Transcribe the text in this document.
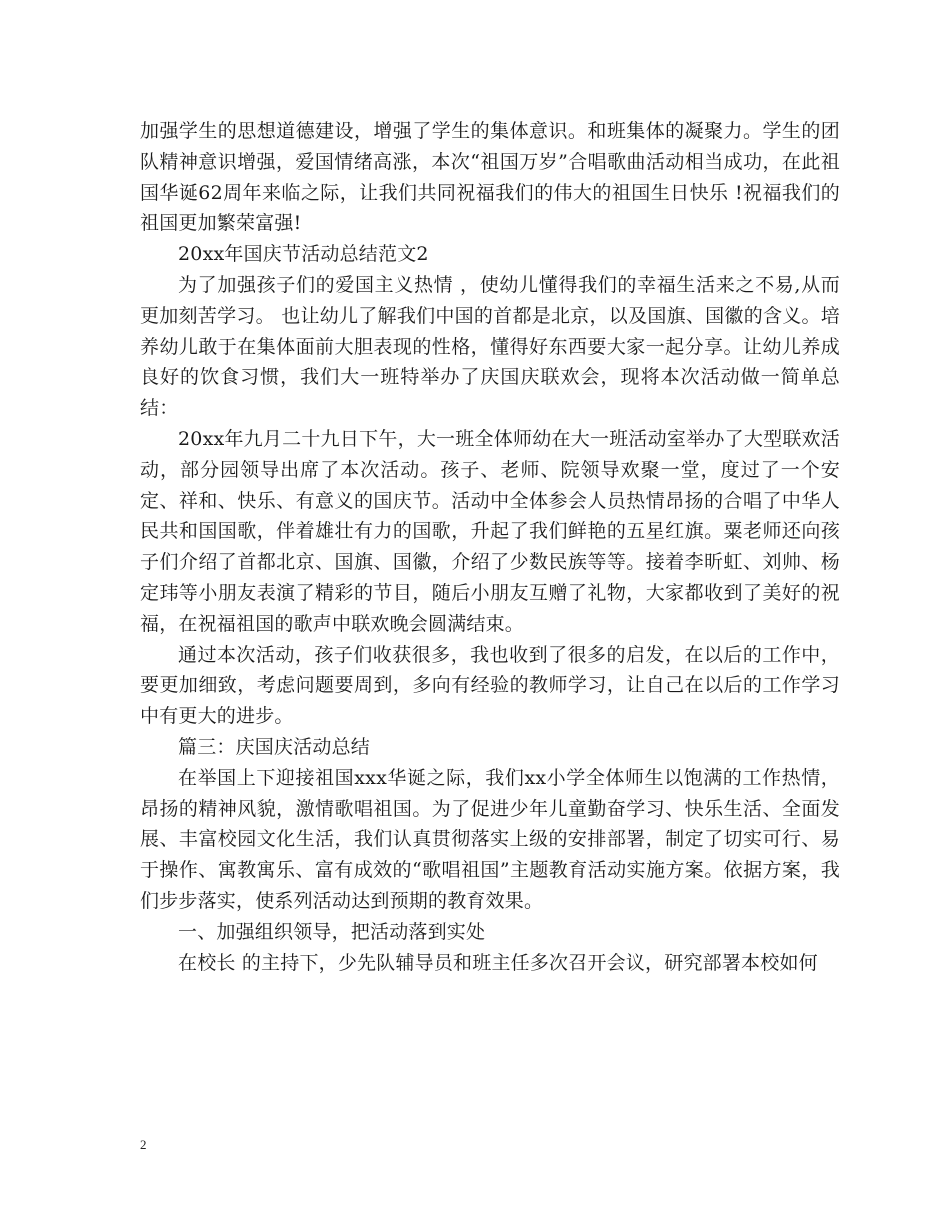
加强学生的思想道德建设，增强了学生的集体意识。和班集体的凝聚力。学生的团队精神意识增强，爱国情绪高涨，本次“祖国万岁”合唱歌曲活动相当成功，在此祖国华诞62周年来临之际，让我们共同祝福我们的伟大的祖国生日快乐 !祝福我们的祖国更加繁荣富强!

20xx年国庆节活动总结范文2

为了加强孩子们的爱国主义热情 ，使幼儿懂得我们的幸福生活来之不易,从而更加刻苦学习。 也让幼儿了解我们中国的首都是北京，以及国旗、国徽的含义。培养幼儿敢于在集体面前大胆表现的性格，懂得好东西要大家一起分享。让幼儿养成良好的饮食习惯，我们大一班特举办了庆国庆联欢会，现将本次活动做一简单总结：

20xx年九月二十九日下午，大一班全体师幼在大一班活动室举办了大型联欢活动，部分园领导出席了本次活动。孩子、老师、院领导欢聚一堂，度过了一个安定、祥和、快乐、有意义的国庆节。活动中全体参会人员热情昂扬的合唱了中华人民共和国国歌，伴着雄壮有力的国歌，升起了我们鲜艳的五星红旗。粟老师还向孩子们介绍了首都北京、国旗、国徽，介绍了少数民族等等。接着李昕虹、刘帅、杨定玮等小朋友表演了精彩的节目，随后小朋友互赠了礼物，大家都收到了美好的祝福，在祝福祖国的歌声中联欢晚会圆满结束。

通过本次活动，孩子们收获很多，我也收到了很多的启发，在以后的工作中，要更加细致，考虑问题要周到，多向有经验的教师学习，让自己在以后的工作学习中有更大的进步。

篇三：庆国庆活动总结

在举国上下迎接祖国xxx华诞之际，我们xx小学全体师生以饱满的工作热情，昂扬的精神风貌，激情歌唱祖国。为了促进少年儿童勤奋学习、快乐生活、全面发展、丰富校园文化生活，我们认真贯彻落实上级的安排部署，制定了切实可行、易于操作、寓教寓乐、富有成效的“歌唱祖国”主题教育活动实施方案。依据方案，我们步步落实，使系列活动达到预期的教育效果。

一、加强组织领导，把活动落到实处

在校长 的主持下，少先队辅导员和班主任多次召开会议，研究部署本校如何

2
